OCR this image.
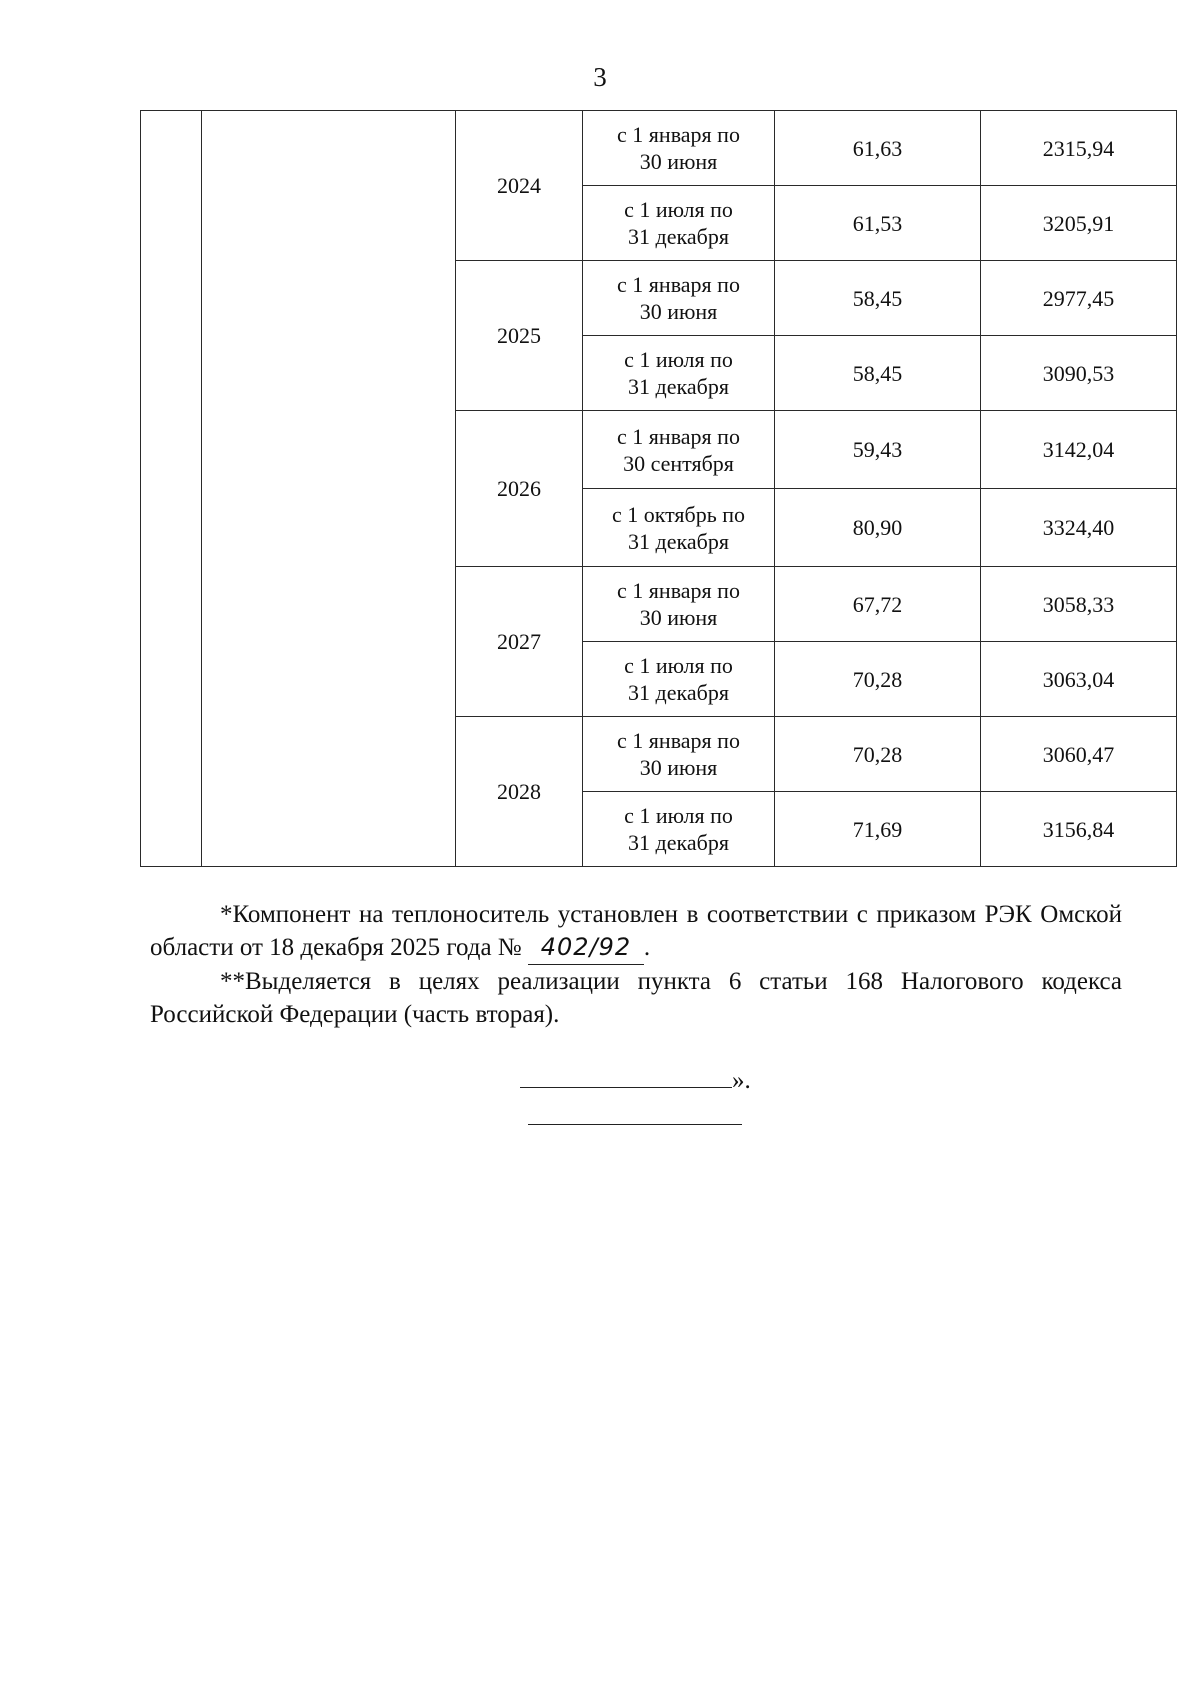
3
		2024	с 1 января по
30 июня	61,63	2315,94
			с 1 июля по
31 декабря	61,53	3205,91
		2025	с 1 января по
30 июня	58,45	2977,45
			с 1 июля по
31 декабря	58,45	3090,53
		2026	с 1 января по
30 сентября	59,43	3142,04
			с 1 октябрь по
31 декабря	80,90	3324,40
		2027	с 1 января по
30 июня	67,72	3058,33
			с 1 июля по
31 декабря	70,28	3063,04
		2028	с 1 января по
30 июня	70,28	3060,47
			с 1 июля по
31 декабря	71,69	3156,84

*Компонент на теплоноситель установлен в соответствии с приказом РЭК Омской области от 18 декабря 2025 года № 402/92 .

**Выделяется в целях реализации пункта 6 статьи 168 Налогового кодекса Российской Федерации (часть вторая).

».
